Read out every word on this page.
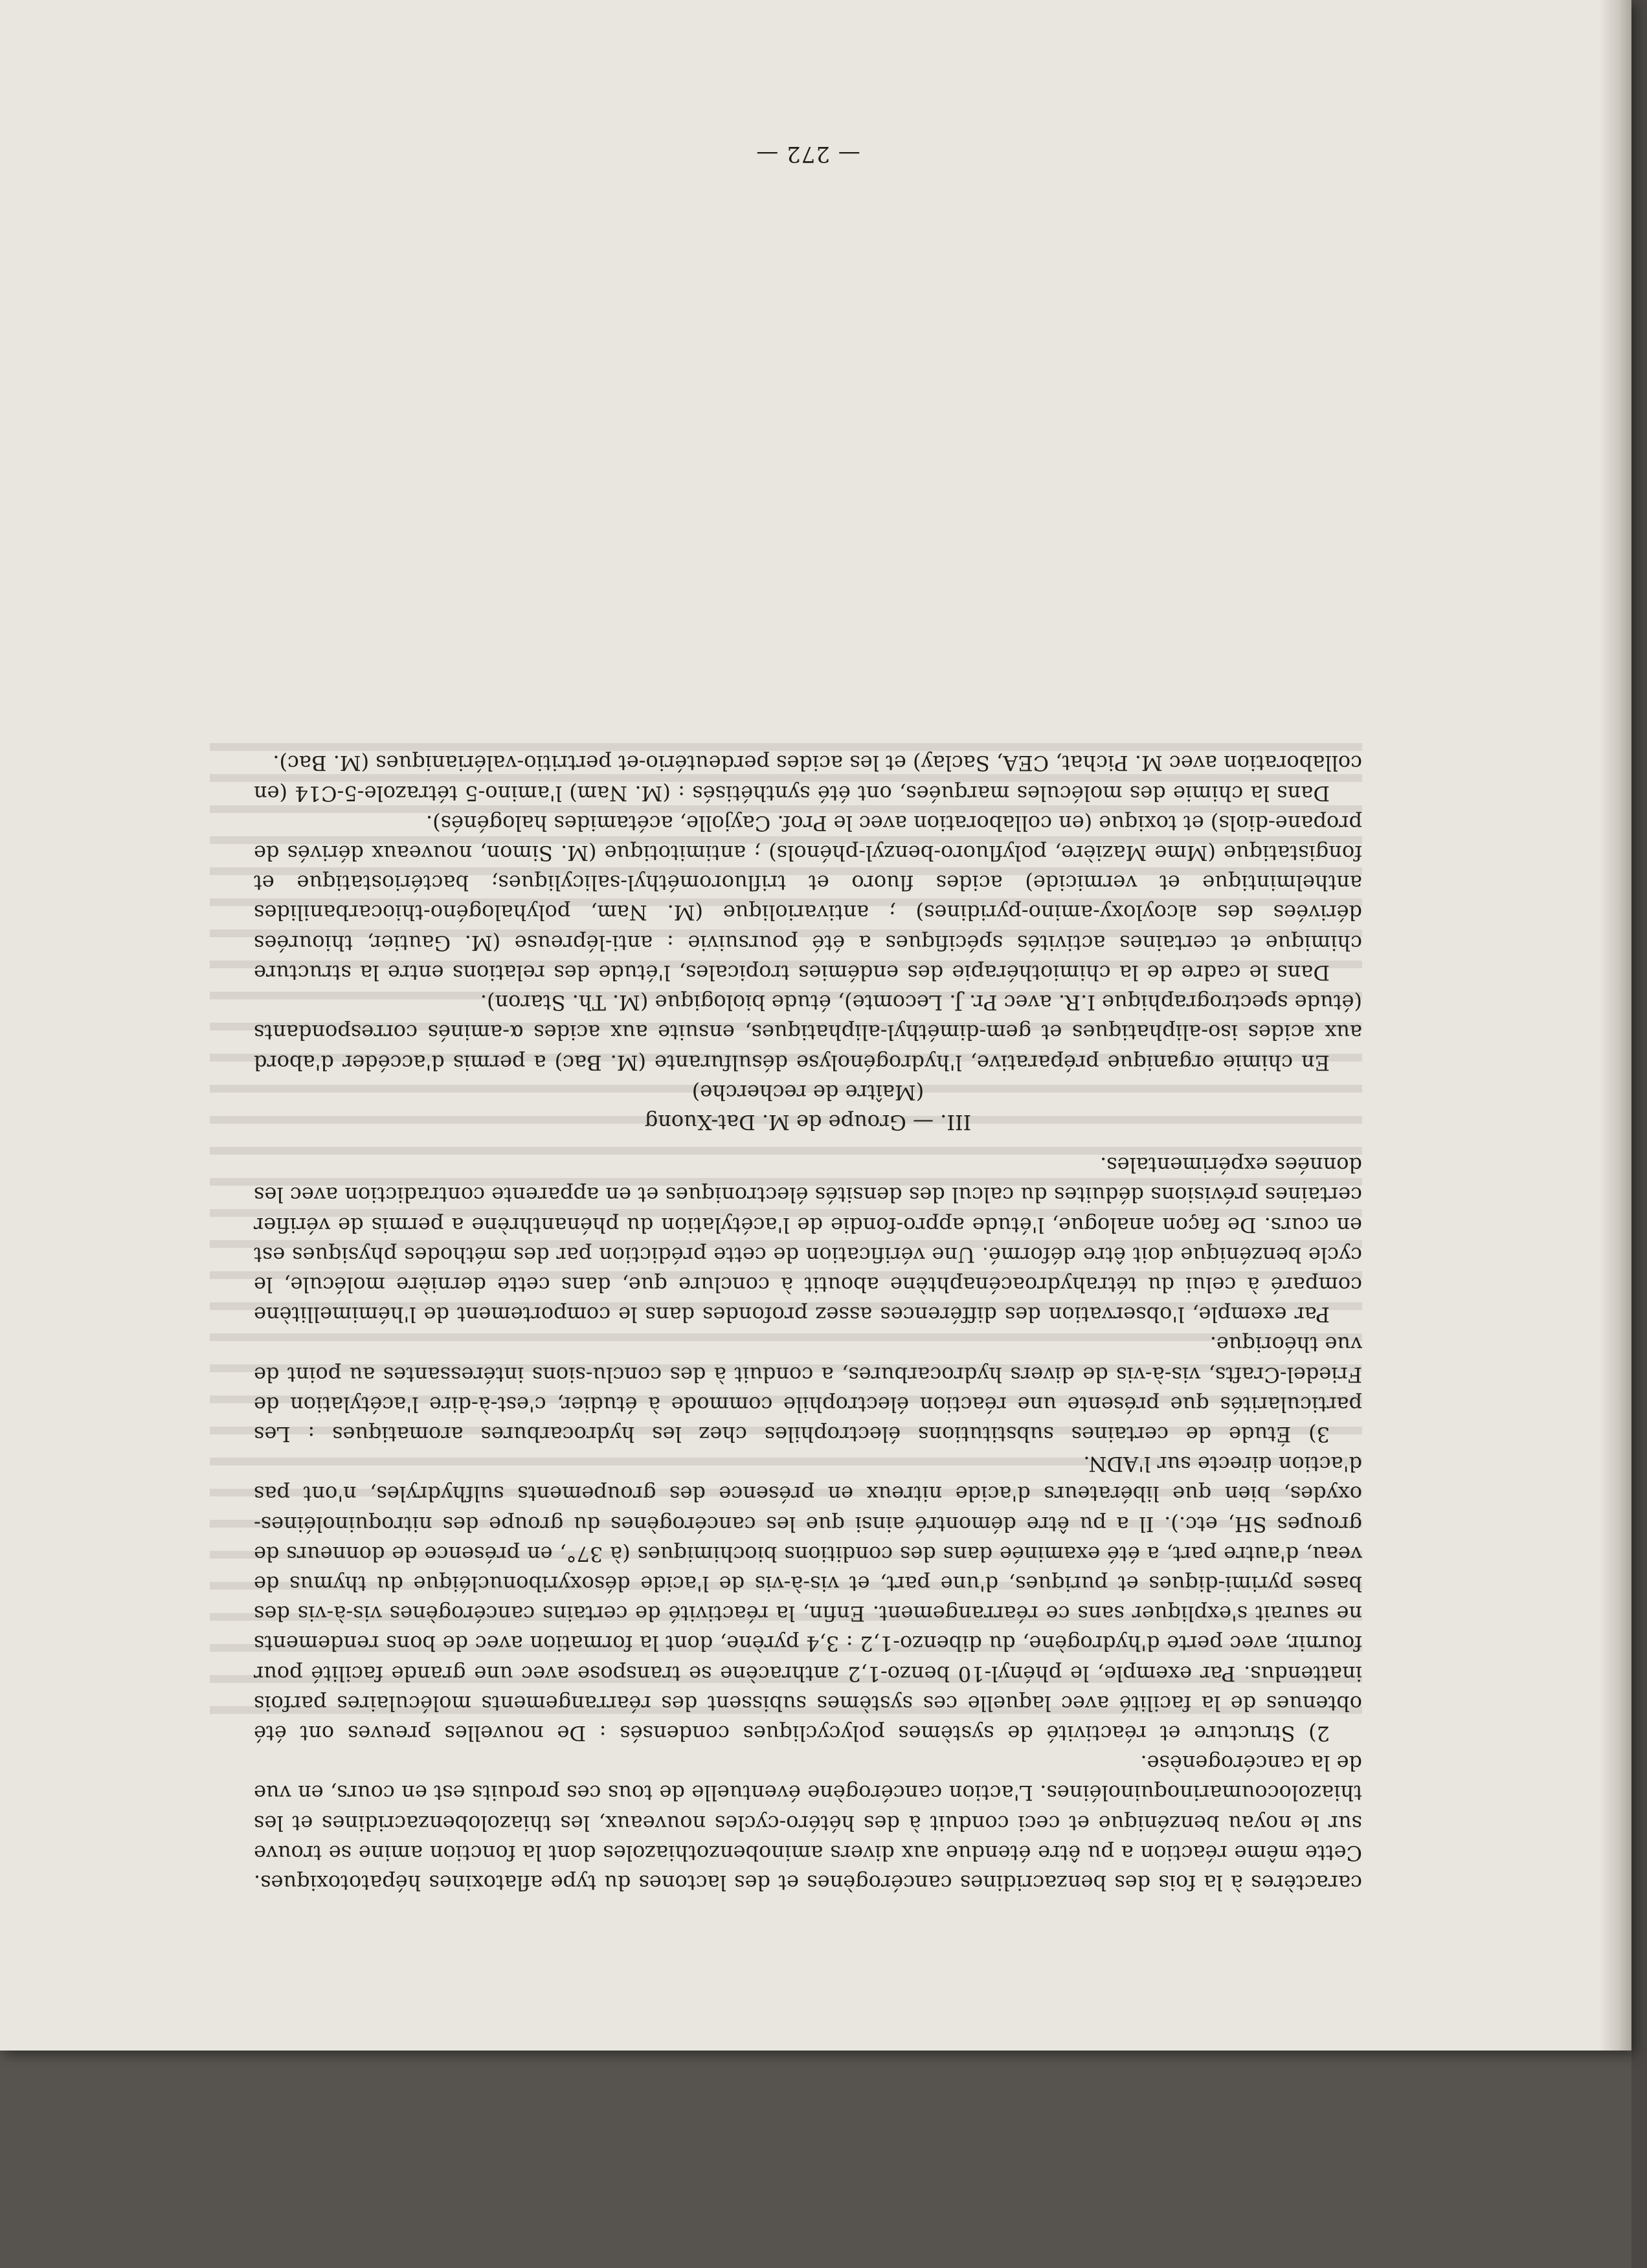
caractères à la fois des benzacridines cancérogènes et des lactones du type aflatoxines hépatotoxiques. Cette même réaction a pu être étendue aux divers aminobenzothiazoles dont la fonction amine se trouve sur le noyau benzénique et ceci conduit à des hétéro-cycles nouveaux, les thiazolobenzacridines et les thiazolocoumarinoquinoléines. L'action cancérogène éventuelle de tous ces produits est en cours, en vue de la cancérogenèse.

2) Structure et réactivité de systèmes polycycliques condensés : De nouvelles preuves ont été obtenues de la facilité avec laquelle ces systèmes subissent des réarrangements moléculaires parfois inattendus. Par exemple, le phényl-10 benzo-1,2 anthracène se transpose avec une grande facilité pour fournir, avec perte d'hydrogène, du dibenzo-1,2 : 3,4 pyrène, dont la formation avec de bons rendements ne saurait s'expliquer sans ce réarrangement. Enfin, la réactivité de certains cancérogènes vis-à-vis des bases pyrimi-diques et puriques, d'une part, et vis-à-vis de l'acide désoxyribonucléique du thymus de veau, d'autre part, a été examinée dans des conditions biochimiques (à 37°, en présence de donneurs de groupes SH, etc.). Il a pu être démontré ainsi que les cancérogènes du groupe des nitroquinoléines-oxydes, bien que libérateurs d'acide nitreux en présence des groupements sulfhydryles, n'ont pas d'action directe sur l'ADN.

3) Étude de certaines substitutions électrophiles chez les hydrocarbures aromatiques : Les particularités que présente une réaction électrophile commode à étudier, c'est-à-dire l'acétylation de Friedel-Crafts, vis-à-vis de divers hydrocarbures, a conduit à des conclu-sions intéressantes au point de vue théorique.

Par exemple, l'observation des différences assez profondes dans le comportement de l'hémimellitène comparé à celui du tétrahydroacénaphtène aboutit à conclure que, dans cette dernière molécule, le cycle benzénique doit être déformé. Une vérification de cette prédiction par des méthodes physiques est en cours. De façon analogue, l'étude appro-fondie de l'acétylation du phénanthrène a permis de vérifier certaines prévisions déduites du calcul des densités électroniques et en apparente contradiction avec les données expérimentales.

III. — Groupe de M. Dat-Xuong

(Maître de recherche)

En chimie organique préparative, l'hydrogénolyse désulfurante (M. Bac) a permis d'accéder d'abord aux acides iso-aliphatiques et gem-diméthyl-aliphatiques, ensuite aux acides α-aminés correspondants (étude spectrographique I.R. avec Pr. J. Lecomte), étude biologique (M. Th. Staron).

Dans le cadre de la chimiothérapie des endémies tropicales, l'étude des relations entre la structure chimique et certaines activités spécifiques a été poursuivie : anti-lépreuse (M. Gautier, thiourées dérivées des alcoyloxy-amino-pyridines) ; antivariolique (M. Nam, polyhalogéno-thiocarbanilides anthelmintique et vermicide) acides fluoro et trifluorométhyl-salicyliques; bactériostatique et fongistatique (Mme Mazière, polyfluoro-benzyl-phénols) ; antimitotique (M. Simon, nouveaux dérivés de propane-diols) et toxique (en collaboration avec le Prof. Cayjolle, acétamides halogénés).

Dans la chimie des molécules marquées, ont été synthétisés : (M. Nam) l'amino-5 tétrazole-5-C14 (en collaboration avec M. Pichat, CEA, Saclay) et les acides perdeutério-et pertritio-valérianiques (M. Bac).

— 272 —
